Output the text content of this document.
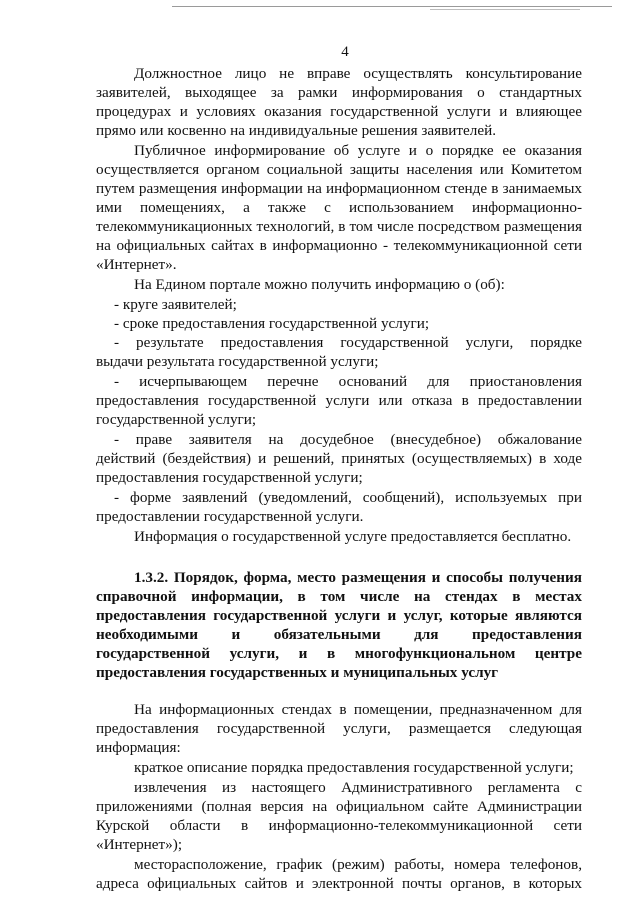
4
Должностное лицо не вправе осуществлять консультирование
заявителей, выходящее за рамки информирования о стандартных
процедурах и условиях оказания государственной услуги и влияющее
прямо или косвенно на индивидуальные решения заявителей.
Публичное информирование об услуге и о порядке ее оказания
осуществляется органом социальной защиты населения или Комитетом
путем размещения информации на информационном стенде в занимаемых
ими помещениях, а также с использованием информационно-
телекоммуникационных технологий, в том числе посредством размещения
на официальных сайтах в информационно - телекоммуникационной сети
«Интернет».
На Едином портале можно получить информацию о (об):
- круге заявителей;
- сроке предоставления государственной услуги;
- результате предоставления государственной услуги, порядке
выдачи результата государственной услуги;
- исчерпывающем перечне оснований для приостановления
предоставления государственной услуги или отказа в предоставлении
государственной услуги;
- праве заявителя на досудебное (внесудебное) обжалование
действий (бездействия) и решений, принятых (осуществляемых) в ходе
предоставления государственной услуги;
- форме заявлений (уведомлений, сообщений), используемых при
предоставлении государственной услуги.
Информация о государственной услуге предоставляется бесплатно.
1.3.2. Порядок, форма, место размещения и способы получения
справочной информации, в том числе на стендах в местах
предоставления государственной услуги и услуг, которые являются
необходимыми и обязательными для предоставления
государственной услуги, и в многофункциональном центре
предоставления государственных и муниципальных услуг
На информационных стендах в помещении, предназначенном для
предоставления государственной услуги, размещается следующая
информация:
краткое описание порядка предоставления государственной услуги;
извлечения из настоящего Административного регламента с
приложениями (полная версия на официальном сайте Администрации
Курской области в информационно-телекоммуникационной сети
«Интернет»);
месторасположение, график (режим) работы, номера телефонов,
адреса официальных сайтов и электронной почты органов, в которых
